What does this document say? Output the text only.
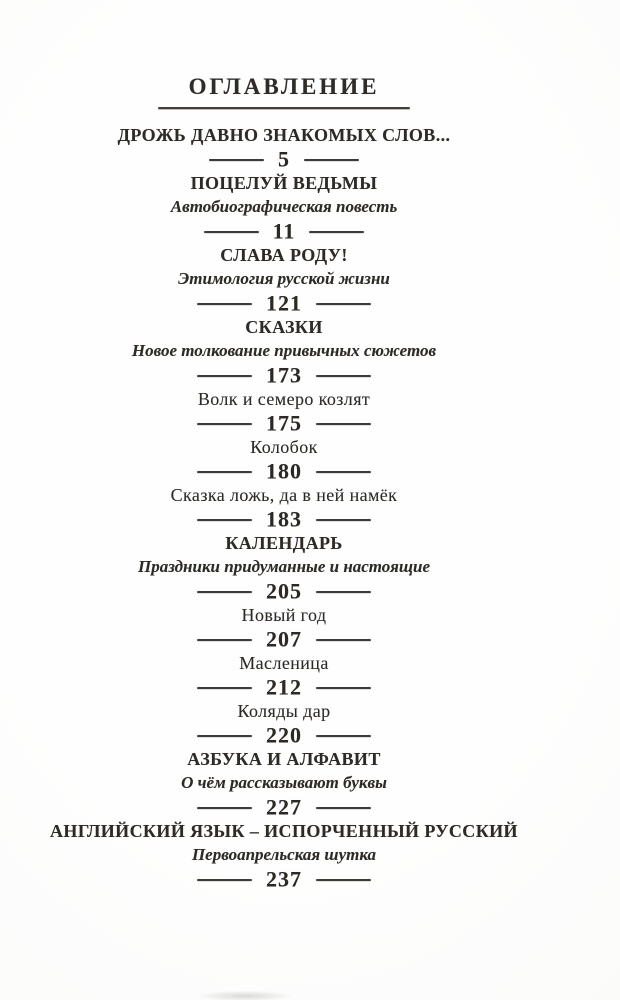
ОГЛАВЛЕНИЕ
ДРОЖЬ ДАВНО ЗНАКОМЫХ СЛОВ...
5
ПОЦЕЛУЙ ВЕДЬМЫ
Автобиографическая повесть
11
СЛАВА РОДУ!
Этимология русской жизни
121
СКАЗКИ
Новое толкование привычных сюжетов
173
Волк и семеро козлят
175
Колобок
180
Сказка ложь, да в ней намёк
183
КАЛЕНДАРЬ
Праздники придуманные и настоящие
205
Новый год
207
Масленица
212
Коляды дар
220
АЗБУКА И АЛФАВИТ
О чём рассказывают буквы
227
АНГЛИЙСКИЙ ЯЗЫК – ИСПОРЧЕННЫЙ РУССКИЙ
Первоапрельская шутка
237
